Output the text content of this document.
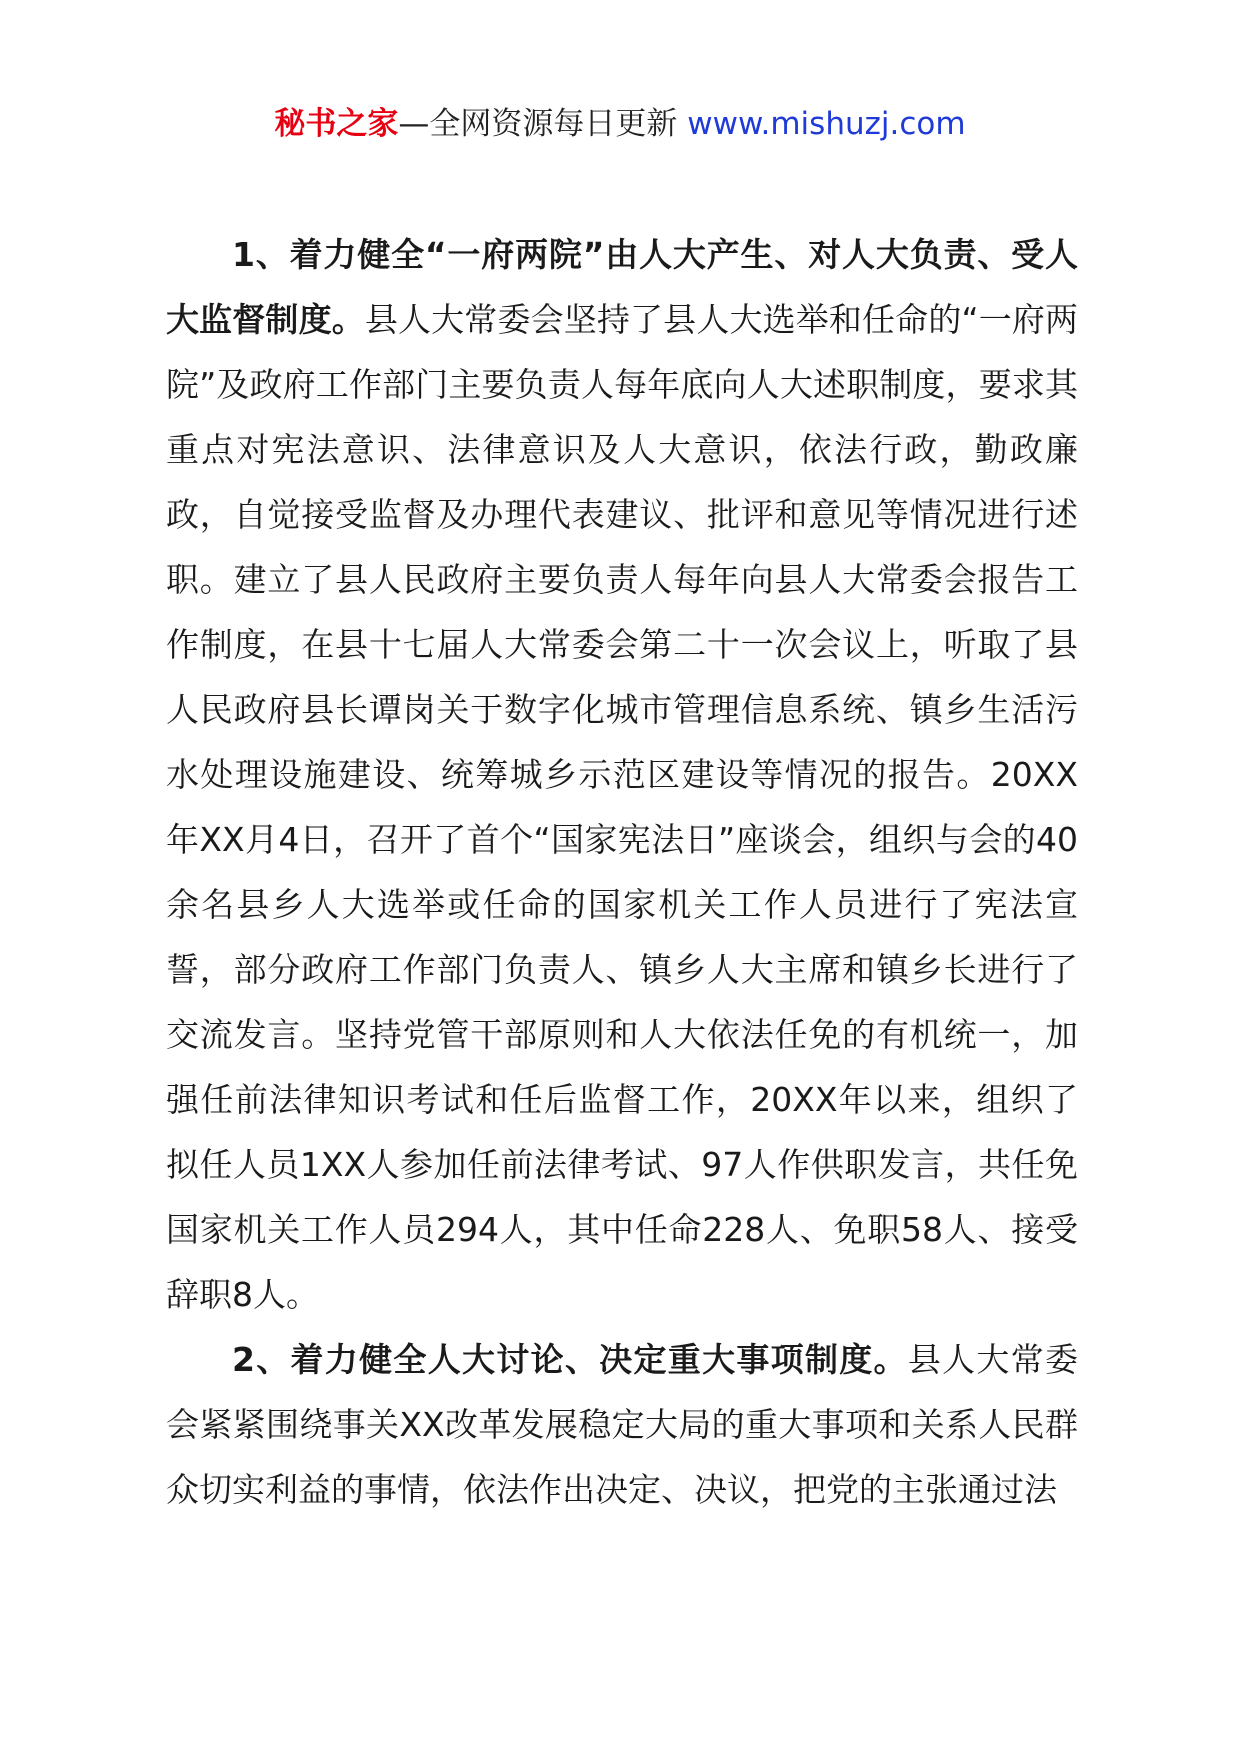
秘书之家—全网资源每日更新 www.mishuzj.com

1、着力健全“一府两院”由人大产生、对人大负责、受人大监督制度。县人大常委会坚持了县人大选举和任命的“一府两院”及政府工作部门主要负责人每年底向人大述职制度，要求其重点对宪法意识、法律意识及人大意识，依法行政，勤政廉政，自觉接受监督及办理代表建议、批评和意见等情况进行述职。建立了县人民政府主要负责人每年向县人大常委会报告工作制度，在县十七届人大常委会第二十一次会议上，听取了县人民政府县长谭岗关于数字化城市管理信息系统、镇乡生活污水处理设施建设、统筹城乡示范区建设等情况的报告。20XX年XX月4日，召开了首个“国家宪法日”座谈会，组织与会的40余名县乡人大选举或任命的国家机关工作人员进行了宪法宣誓，部分政府工作部门负责人、镇乡人大主席和镇乡长进行了交流发言。坚持党管干部原则和人大依法任免的有机统一，加强任前法律知识考试和任后监督工作，20XX年以来，组织了拟任人员1XX人参加任前法律考试、97人作供职发言，共任免国家机关工作人员294人，其中任命228人、免职58人、接受辞职8人。

2、着力健全人大讨论、决定重大事项制度。县人大常委会紧紧围绕事关XX改革发展稳定大局的重大事项和关系人民群众切实利益的事情，依法作出决定、决议，把党的主张通过法
